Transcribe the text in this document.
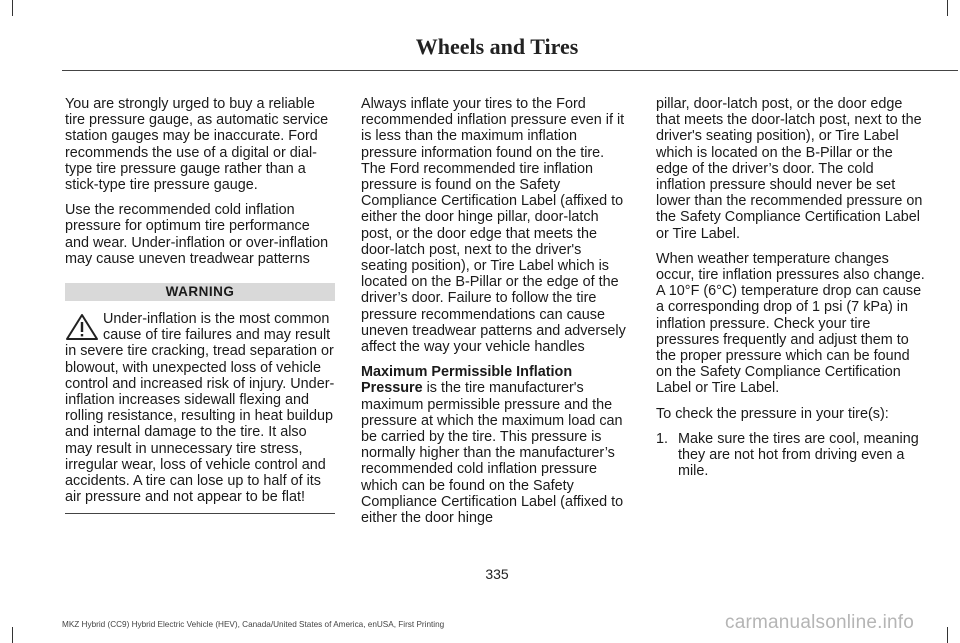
Wheels and Tires

You are strongly urged to buy a reliable tire pressure gauge, as automatic service station gauges may be inaccurate. Ford recommends the use of a digital or dial-type tire pressure gauge rather than a stick-type tire pressure gauge.

Use the recommended cold inflation pressure for optimum tire performance and wear. Under-inflation or over-inflation may cause uneven treadwear patterns

WARNING
Under-inflation is the most common cause of tire failures and may result in severe tire cracking, tread separation or blowout, with unexpected loss of vehicle control and increased risk of injury. Under-inflation increases sidewall flexing and rolling resistance, resulting in heat buildup and internal damage to the tire. It also may result in unnecessary tire stress, irregular wear, loss of vehicle control and accidents. A tire can lose up to half of its air pressure and not appear to be flat!

Always inflate your tires to the Ford recommended inflation pressure even if it is less than the maximum inflation pressure information found on the tire. The Ford recommended tire inflation pressure is found on the Safety Compliance Certification Label (affixed to either the door hinge pillar, door-latch post, or the door edge that meets the door-latch post, next to the driver's seating position), or Tire Label which is located on the B-Pillar or the edge of the driver’s door. Failure to follow the tire pressure recommendations can cause uneven treadwear patterns and adversely affect the way your vehicle handles

Maximum Permissible Inflation Pressure is the tire manufacturer's maximum permissible pressure and the pressure at which the maximum load can be carried by the tire. This pressure is normally higher than the manufacturer’s recommended cold inflation pressure which can be found on the Safety Compliance Certification Label (affixed to either the door hinge

pillar, door-latch post, or the door edge that meets the door-latch post, next to the driver's seating position), or Tire Label which is located on the B-Pillar or the edge of the driver’s door. The cold inflation pressure should never be set lower than the recommended pressure on the Safety Compliance Certification Label or Tire Label.

When weather temperature changes occur, tire inflation pressures also change. A 10°F (6°C) temperature drop can cause a corresponding drop of 1 psi (7 kPa) in inflation pressure. Check your tire pressures frequently and adjust them to the proper pressure which can be found on the Safety Compliance Certification Label or Tire Label.

To check the pressure in your tire(s):

1. Make sure the tires are cool, meaning they are not hot from driving even a mile.
335
MKZ Hybrid (CC9) Hybrid Electric Vehicle (HEV), Canada/United States of America, enUSA, First Printing	carmanualsonline.info
